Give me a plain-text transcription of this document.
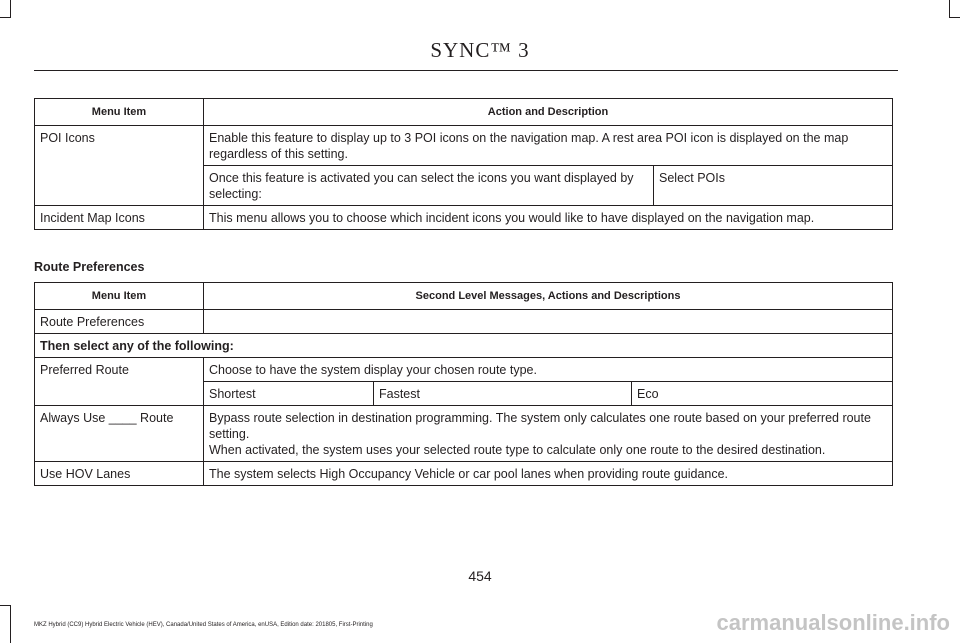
SYNC™ 3
Menu Item	Action and Description	
POI Icons	Enable this feature to display up to 3 POI icons on the navigation map. A rest area POI icon is displayed on the map regardless of this setting.	
	Once this feature is activated you can select the icons you want displayed by selecting:	Select POIs
Incident Map Icons	This menu allows you to choose which incident icons you would like to have displayed on the navigation map.	
Route Preferences
Menu Item	Second Level Messages, Actions and Descriptions		
Route Preferences			
Then select any of the following:			
Preferred Route	Choose to have the system display your chosen route type.		
	Shortest	Fastest	Eco
Always Use ____ Route	Bypass route selection in destination programming. The system only calculates one route based on your preferred route setting.
When activated, the system uses your selected route type to calculate only one route to the desired destination.		

Use HOV Lanes	The system selects High Occupancy Vehicle or car pool lanes when providing route guidance.		
454
MKZ Hybrid (CC9) Hybrid Electric Vehicle (HEV), Canada/United States of America, enUSA, Edition date: 201805, First-Printing	carmanualsonline.info
